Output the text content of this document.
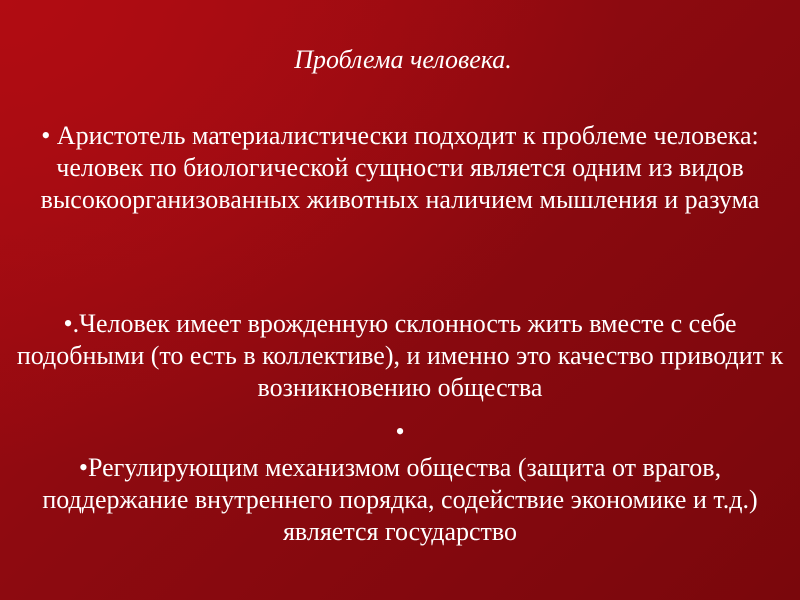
Проблема человека.
• Аристотель материалистически подходит к проблеме человека: человек по биологической сущности является одним из видов высокоорганизованных животных наличием мышления и разума
•.Человек имеет врожденную склонность жить вместе с себе подобными (то есть в коллективе), и именно это качество приводит к возникновению общества
•
•Регулирующим механизмом общества (защита от врагов, поддержание внутреннего порядка, содействие экономике и т.д.) является государство
